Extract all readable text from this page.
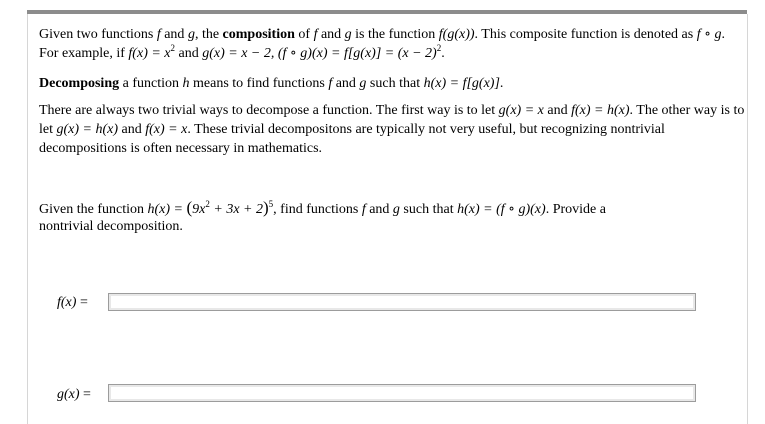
Given two functions f and g, the composition of f and g is the function f(g(x)). This composite function is denoted as f ∘ g.
For example, if $f(x) = x^2$ and g(x) = x − 2, (f ∘ $g)(x) = f[g(x)] = (x - 2)^2$.
Decomposing a function h means to find functions f and g such that h(x) = f[g(x)].
There are always two trivial ways to decompose a function. The first way is to let g(x) = x and f(x) = h(x). The other way is to
let g(x) = h(x) and f(x) = x. These trivial decompositons are typically not very useful, but recognizing nontrivial
decompositions is often necessary in mathematics.
Given the function $h(x) = (9x^2 + 3x + 2)^5$, find functions f and g such that h(x) = (f ∘ g)(x). Provide a
nontrivial decomposition.
f(x) =
g(x) =
